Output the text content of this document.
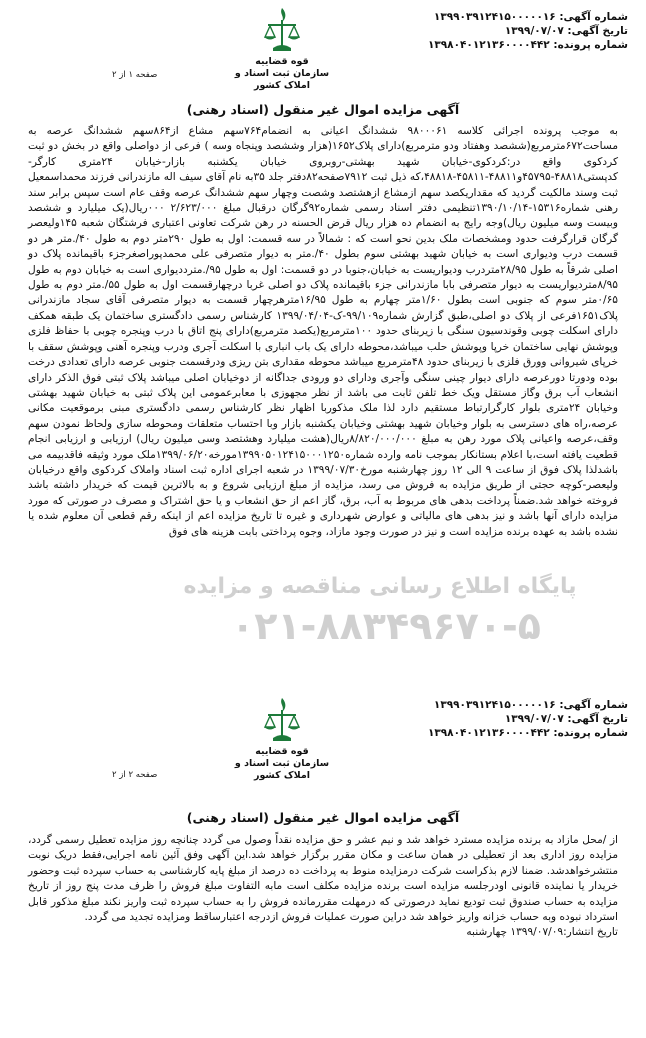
شماره آگهی: ۱۳۹۹۰۳۹۱۲۴۱۵۰۰۰۰۰۱۶
تاریخ آگهی: ۱۳۹۹/۰۷/۰۷
شماره پرونده: ۱۳۹۸۰۴۰۱۲۱۳۶۰۰۰۰۴۴۲
قوه قضاییه
سازمان ثبت اسناد و املاک کشور
صفحه ۱ از ۲
آگهی مزایده اموال غیر منقول (اسناد رهنی)
به موجب پرونده اجرائی کلاسه ۹۸۰۰۰۶۱ ششدانگ اعیانی به انضمام۷۶۴سهم مشاع از۸۶۴سهم ششدانگ عرصه به مساحت۶۷۲مترمربع(ششصد وهفتاد ودو مترمربع)دارای پلاک۱۶۵۲(هزار وششصد وپنجاه وسه ) فرعی از دواصلی واقع در بخش دو ثبت کردکوی واقع در:کردکوی-خیابان شهید بهشتی-روبروی خیابان یکشنبه بازار-خیابان ۲۴متری کارگر- کدپستی۴۸۸۱۸-۴۵۷۹۵و۴۸۸۱۱-۴۵۸۱۱-۴۸۸۱۸،که ذیل ثبت ۷۹۱۲صفحه۸۲دفتر جلد ۳۵به نام آقای سیف اله مازندرانی فرزند محمداسمعیل ثبت وسند مالکیت گردید که مقداریکصد سهم ازمشاع ازهشتصد وشصت وچهار سهم ششدانگ عرصه وقف عام است سپس برابر سند رهنی شماره۱۵۳۱۶-۱۳۹۰/۱۰/۱۴تنظیمی دفتر اسناد رسمی شماره۹۲گرگان درقبال مبلغ ۲/۶۲۳/۰۰۰ ۰۰۰ریال(یک میلیارد و ششصد وبیست وسه میلیون ریال)وجه رایج به انضمام ده هزار ریال قرض الحسنه در رهن شرکت تعاونی اعتباری فرشتگان شعبه ۱۴۵ولیعصر گرگان قرارگرفت حدود ومشخصات ملک بدین نحو است که : شمالاً در سه قسمت: اول به طول ۲۹۰متر دوم به طول ۴۰/.متر هر دو قسمت درب ودیواری است به خیابان شهید بهشتی سوم بطول ۴۰/.متر به دیوار متصرفی علی محمدپوراصغرجزء باقیمانده پلاک دو اصلی شرقاً به طول ۲۸/۹۵متردرب ودیواریست به خیابان،جنوبا در دو قسمت: اول به طول ۹۵/.مترددیواری است به خیابان دوم به طول ۸/۹۵متردیواریست به دیوار متصرفی بابا مازندرانی جزء باقیمانده پلاک دو اصلی غربا درچهارقسمت اول به طول ۵۵/.متر دوم به طول ۰/۶۵متر سوم که جنوبی است بطول ۱/۶۰متر چهارم به طول ۱۶/۹۵مترهرچهار قسمت به دیوار متصرفی آقای سجاد مازندرانی پلاک۱۶۵۱فرعی از پلاک دو اصلی،طبق گزارش شماره۹۹/۱۰۹-ک-۱۳۹۹/۰۴/۰۴ کارشناس رسمی دادگستری ساختمان یک طبقه همکف دارای اسکلت چوبی وقوندسیون سنگی با زیربنای حدود ۱۰۰مترمربع(یکصد مترمربع)دارای پنج اتاق با درب وپنجره چوبی با حفاظ فلزی وپوشش نهایی ساختمان خرپا وپوشش حلب میباشد،محوطه دارای یک باب انباری با اسکلت آجری ودرب وپنجره آهنی وپوشش سقف با خرپای شیروانی وورق فلزی با زیربنای حدود ۴۸مترمربع میباشد محوطه مقداری بتن ریزی ودرقسمت جنوبی عرصه دارای تعدادی درخت بوده ودورتا دورعرصه دارای دیوار چینی سنگی وآجری ودارای دو ورودی جداگانه از دوخیابان اصلی میباشد پلاک ثبتی فوق الذکر دارای انشعاب آب برق وگاز مستقل ویک خط تلفن ثابت می باشد از نظر مجهوزی با معابرعمومی این پلاک ثبتی به خیابان شهید بهشتی وخیابان ۲۴متری بلوار کارگرارتباط مستقیم دارد لذا ملک مذکوربا اظهار نظر کارشناس رسمی دادگستری مبنی برموقعیت مکانی عرصه،راه های دسترسی به بلوار وخیابان شهید بهشتی وخیابان یکشنبه بازار وبا احتساب متعلقات ومحوطه سازی ولحاظ نمودن سهم وقف،عرصه واعیانی پلاک مورد رهن به مبلغ ۸/۸۲۰/۰۰۰/۰۰۰ریال(هشت میلیارد وهشتصد وسی میلیون ریال) ارزیابی و ارزیابی انجام قطعیت یافته است،با اعلام بستانکار بموجب نامه وارده شماره۱۳۹۹۰۵۰۱۲۴۱۵۰۰۰۱۲۵۰مورخه۱۳۹۹/۰۶/۲۰ملک مورد وثیقه فاقدبیمه می باشدلذا پلاک فوق از ساعت ۹ الی ۱۲ روز چهارشنبه مورخ۱۳۹۹/۰۷/۳۰ در شعبه اجرای اداره ثبت اسناد واملاک کردکوی واقع درخیابان ولیعصر-کوچه حجتی از طریق مزایده به فروش می رسد، مزایده از مبلغ ارزیابی شروع و به بالاترین قیمت که خریدار داشته باشد فروخته خواهد شد.ضمناً پرداخت بدهی های مربوط به آب، برق، گاز اعم از حق انشعاب و یا حق اشتراک و مصرف در صورتی که مورد مزایده دارای آنها باشد و نیز بدهی های مالیاتی و عوارض شهرداری و غیره تا تاریخ مزایده اعم از اینکه رقم قطعی آن معلوم شده یا نشده باشد به عهده برنده مزایده است و نیز در صورت وجود مازاد، وجوه پرداختی بابت هزینه های فوق
پایگاه اطلاع رسانی مناقصه و مزایده
۰۲۱-۸۸۳۴۹۶۷۰-۵
شماره آگهی: ۱۳۹۹۰۳۹۱۲۴۱۵۰۰۰۰۰۱۶
تاریخ آگهی: ۱۳۹۹/۰۷/۰۷
شماره پرونده: ۱۳۹۸۰۴۰۱۲۱۳۶۰۰۰۰۴۴۲
قوه قضاییه
سازمان ثبت اسناد و املاک کشور
صفحه ۲ از ۲
آگهی مزایده اموال غیر منقول (اسناد رهنی)
از /محل مازاد به برنده مزایده مسترد خواهد شد و نیم عشر و حق مزایده نقداً وصول می گردد چنانچه روز مزایده تعطیل رسمی گردد، مزایده روز اداری بعد از تعطیلی در همان ساعت و مکان مقرر برگزار خواهد شد.این آگهی وفق آئین نامه اجرایی،فقط دریک نوبت منتشرخواهدشد. ضمنا لازم بذکراست شرکت درمزایده منوط به پرداخت ده درصد از مبلغ پایه کارشناسی به حساب سپرده ثبت وحضور خریدار یا نماینده قانونی اودرجلسه مزایده است برنده مزایده مکلف است مابه التفاوت مبلغ فروش را ظرف مدت پنج روز از تاریخ مزایده به حساب صندوق ثبت تودیع نماید درصورتی که درمهلت مقررمانده فروش را به حساب سپرده ثبت واریز نکند مبلغ مذکور قابل استرداد نبوده وبه حساب خزانه واریز خواهد شد دراین صورت عملیات فروش ازدرجه اعتبارساقط ومزایده تجدید می گردد.
تاریخ انتشار:۱۳۹۹/۰۷/۰۹ چهارشنبه
